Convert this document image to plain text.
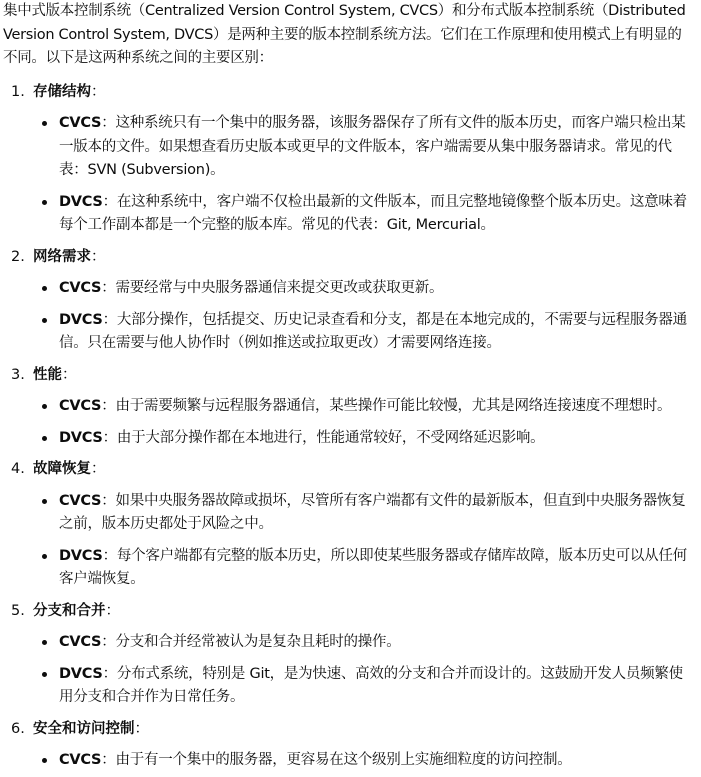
集中式版本控制系统（Centralized Version Control System, CVCS）和分布式版本控制系统（Distributed Version Control System, DVCS）是两种主要的版本控制系统方法。它们在工作原理和使用模式上有明显的不同。以下是这两种系统之间的主要区别：

1. 存储结构 ：
CVCS：这种系统只有一个集中的服务器，该服务器保存了所有文件的版本历史，而客户端只检出某一版本的文件。如果想查看历史版本或更早的文件版本，客户端需要从集中服务器请求。常见的代表：SVN (Subversion)。
DVCS：在这种系统中，客户端不仅检出最新的文件版本，而且完整地镜像整个版本历史。这意味着每个工作副本都是一个完整的版本库。常见的代表：Git, Mercurial。
2. 网络需求 ：
CVCS：需要经常与中央服务器通信来提交更改或获取更新。
DVCS：大部分操作，包括提交、历史记录查看和分支，都是在本地完成的，不需要与远程服务器通信。只在需要与他人协作时（例如推送或拉取更改）才需要网络连接。
3. 性能 ：
CVCS：由于需要频繁与远程服务器通信，某些操作可能比较慢，尤其是网络连接速度不理想时。
DVCS：由于大部分操作都在本地进行，性能通常较好，不受网络延迟影响。
4. 故障恢复 ：
CVCS：如果中央服务器故障或损坏，尽管所有客户端都有文件的最新版本，但直到中央服务器恢复之前，版本历史都处于风险之中。
DVCS：每个客户端都有完整的版本历史，所以即使某些服务器或存储库故障，版本历史可以从任何客户端恢复。
5. 分支和合并 ：
CVCS：分支和合并经常被认为是复杂且耗时的操作。
DVCS：分布式系统，特别是 Git，是为快速、高效的分支和合并而设计的。这鼓励开发人员频繁使用分支和合并作为日常任务。
6. 安全和访问控制 ：
CVCS：由于有一个集中的服务器，更容易在这个级别上实施细粒度的访问控制。
